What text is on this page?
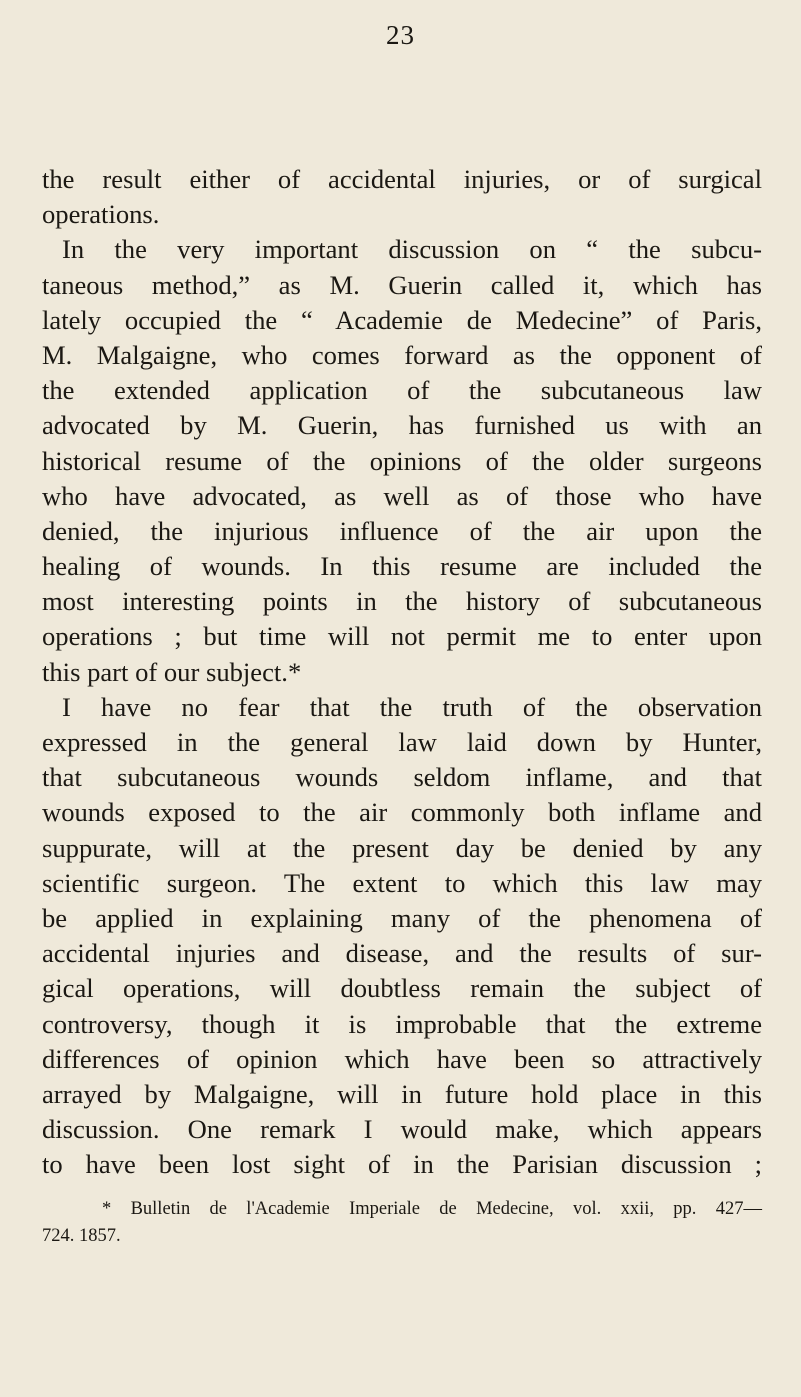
23
the result either of accidental injuries, or of surgical
operations.
In the very important discussion on “ the subcu-
taneous method,” as M. Guerin called it, which has
lately occupied the “ Academie de Medecine” of Paris,
M. Malgaigne, who comes forward as the opponent of
the extended application of the subcutaneous law
advocated by M. Guerin, has furnished us with an
historical resume of the opinions of the older surgeons
who have advocated, as well as of those who have
denied, the injurious influence of the air upon the
healing of wounds. In this resume are included the
most interesting points in the history of subcutaneous
operations ; but time will not permit me to enter upon
this part of our subject.*
I have no fear that the truth of the observation
expressed in the general law laid down by Hunter,
that subcutaneous wounds seldom inflame, and that
wounds exposed to the air commonly both inflame and
suppurate, will at the present day be denied by any
scientific surgeon. The extent to which this law may
be applied in explaining many of the phenomena of
accidental injuries and disease, and the results of sur-
gical operations, will doubtless remain the subject of
controversy, though it is improbable that the extreme
differences of opinion which have been so attractively
arrayed by Malgaigne, will in future hold place in this
discussion. One remark I would make, which appears
to have been lost sight of in the Parisian discussion ;
* Bulletin de l'Academie Imperiale de Medecine, vol. xxii, pp. 427—
724. 1857.
